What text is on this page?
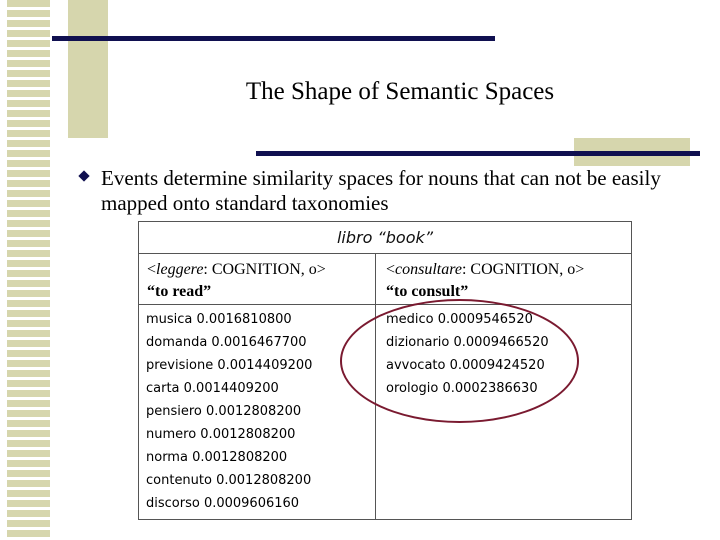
The Shape of Semantic Spaces
Events determine similarity spaces for nouns that can not be easily mapped onto standard taxonomies
libro “book”
<leggere: COGNITION, o>
“to read”
<consultare: COGNITION, o>
“to consult”
musica 0.0016810800
domanda 0.0016467700
previsione 0.0014409200
carta 0.0014409200
pensiero 0.0012808200
numero 0.0012808200
norma 0.0012808200
contenuto 0.0012808200
discorso 0.0009606160
medico 0.0009546520
dizionario 0.0009466520
avvocato 0.0009424520
orologio 0.0002386630
